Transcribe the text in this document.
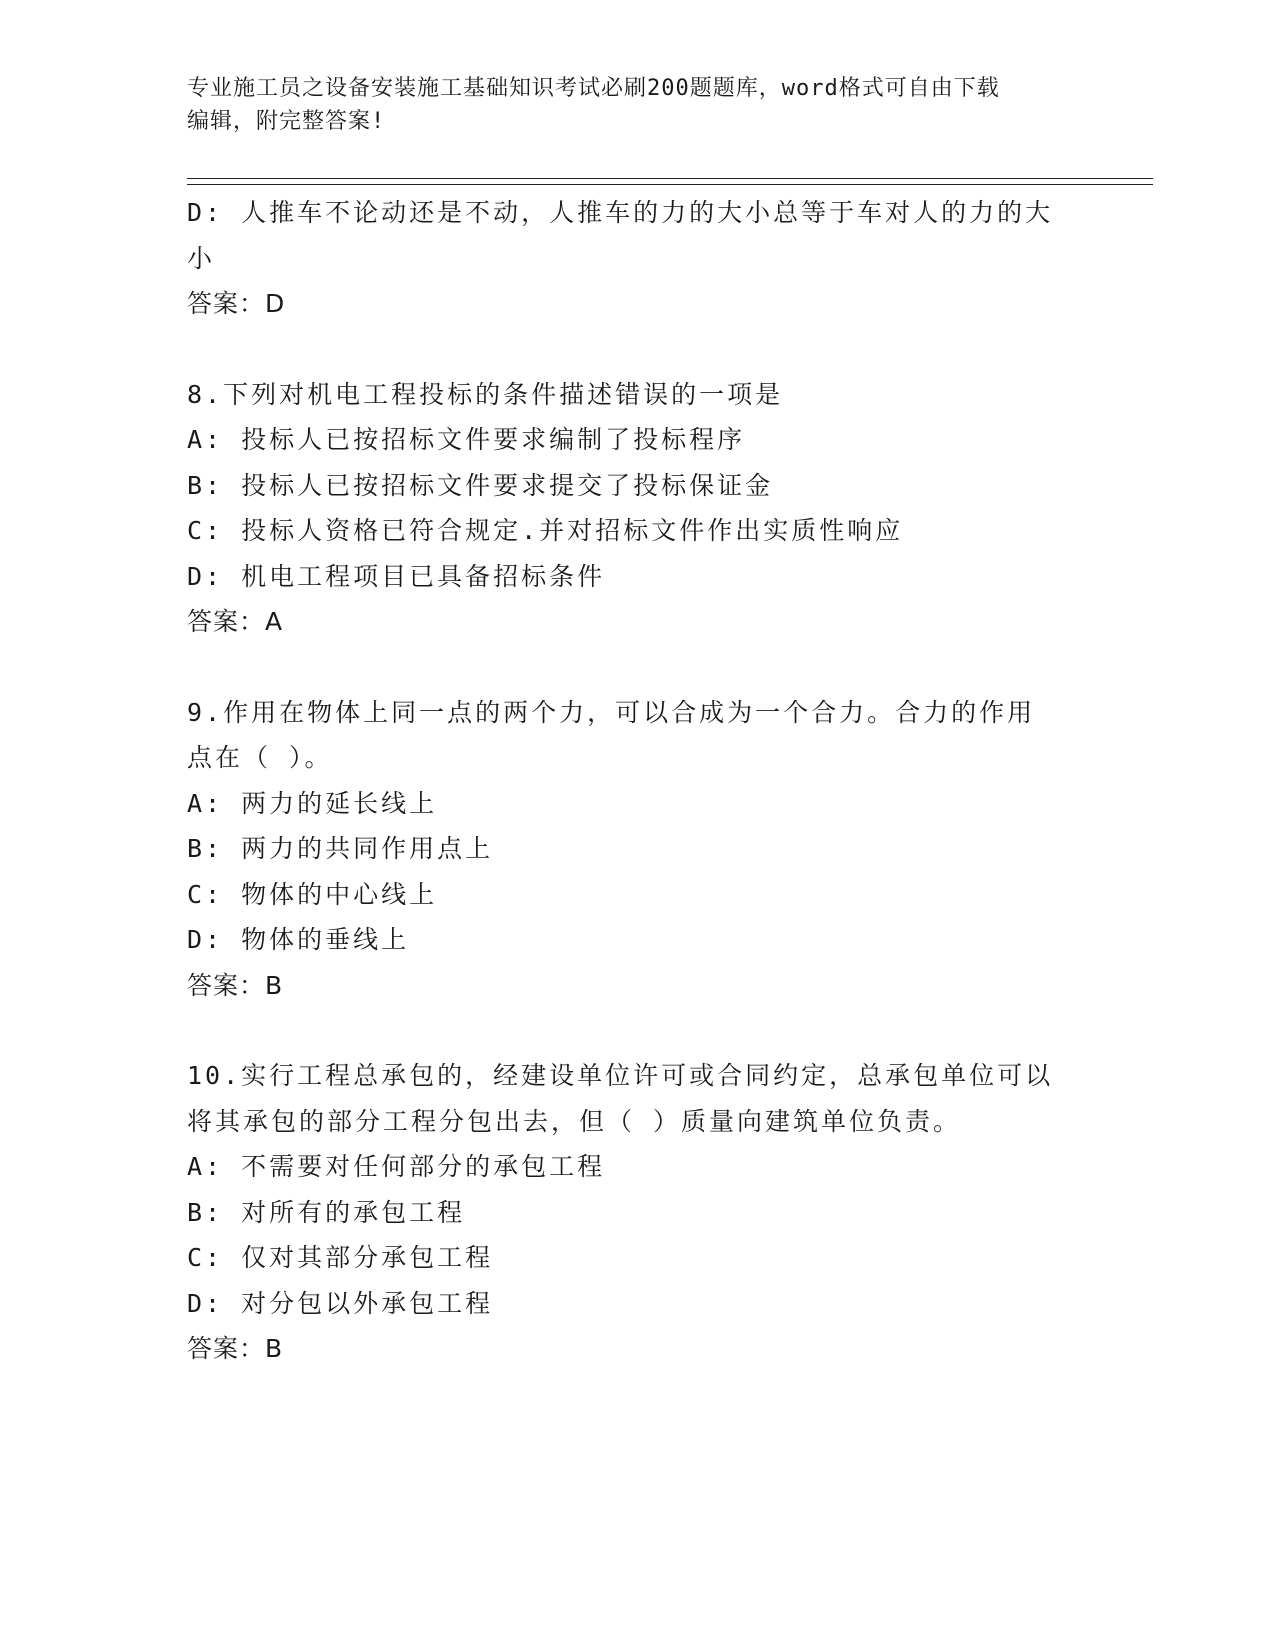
专业施工员之设备安装施工基础知识考试必刷200题题库，word格式可自由下载
编辑，附完整答案!
D: 人推车不论动还是不动，人推车的力的大小总等于车对人的力的大
小
答案：D
8.下列对机电工程投标的条件描述错误的一项是
A: 投标人已按招标文件要求编制了投标程序
B: 投标人已按招标文件要求提交了投标保证金
C: 投标人资格已符合规定.并对招标文件作出实质性响应
D: 机电工程项目已具备招标条件
答案：A
9.作用在物体上同一点的两个力，可以合成为一个合力。合力的作用
点在（ ）。
A: 两力的延长线上
B: 两力的共同作用点上
C: 物体的中心线上
D: 物体的垂线上
答案：B
10.实行工程总承包的，经建设单位许可或合同约定，总承包单位可以
将其承包的部分工程分包出去，但（ ）质量向建筑单位负责。
A: 不需要对任何部分的承包工程
B: 对所有的承包工程
C: 仅对其部分承包工程
D: 对分包以外承包工程
答案：B
